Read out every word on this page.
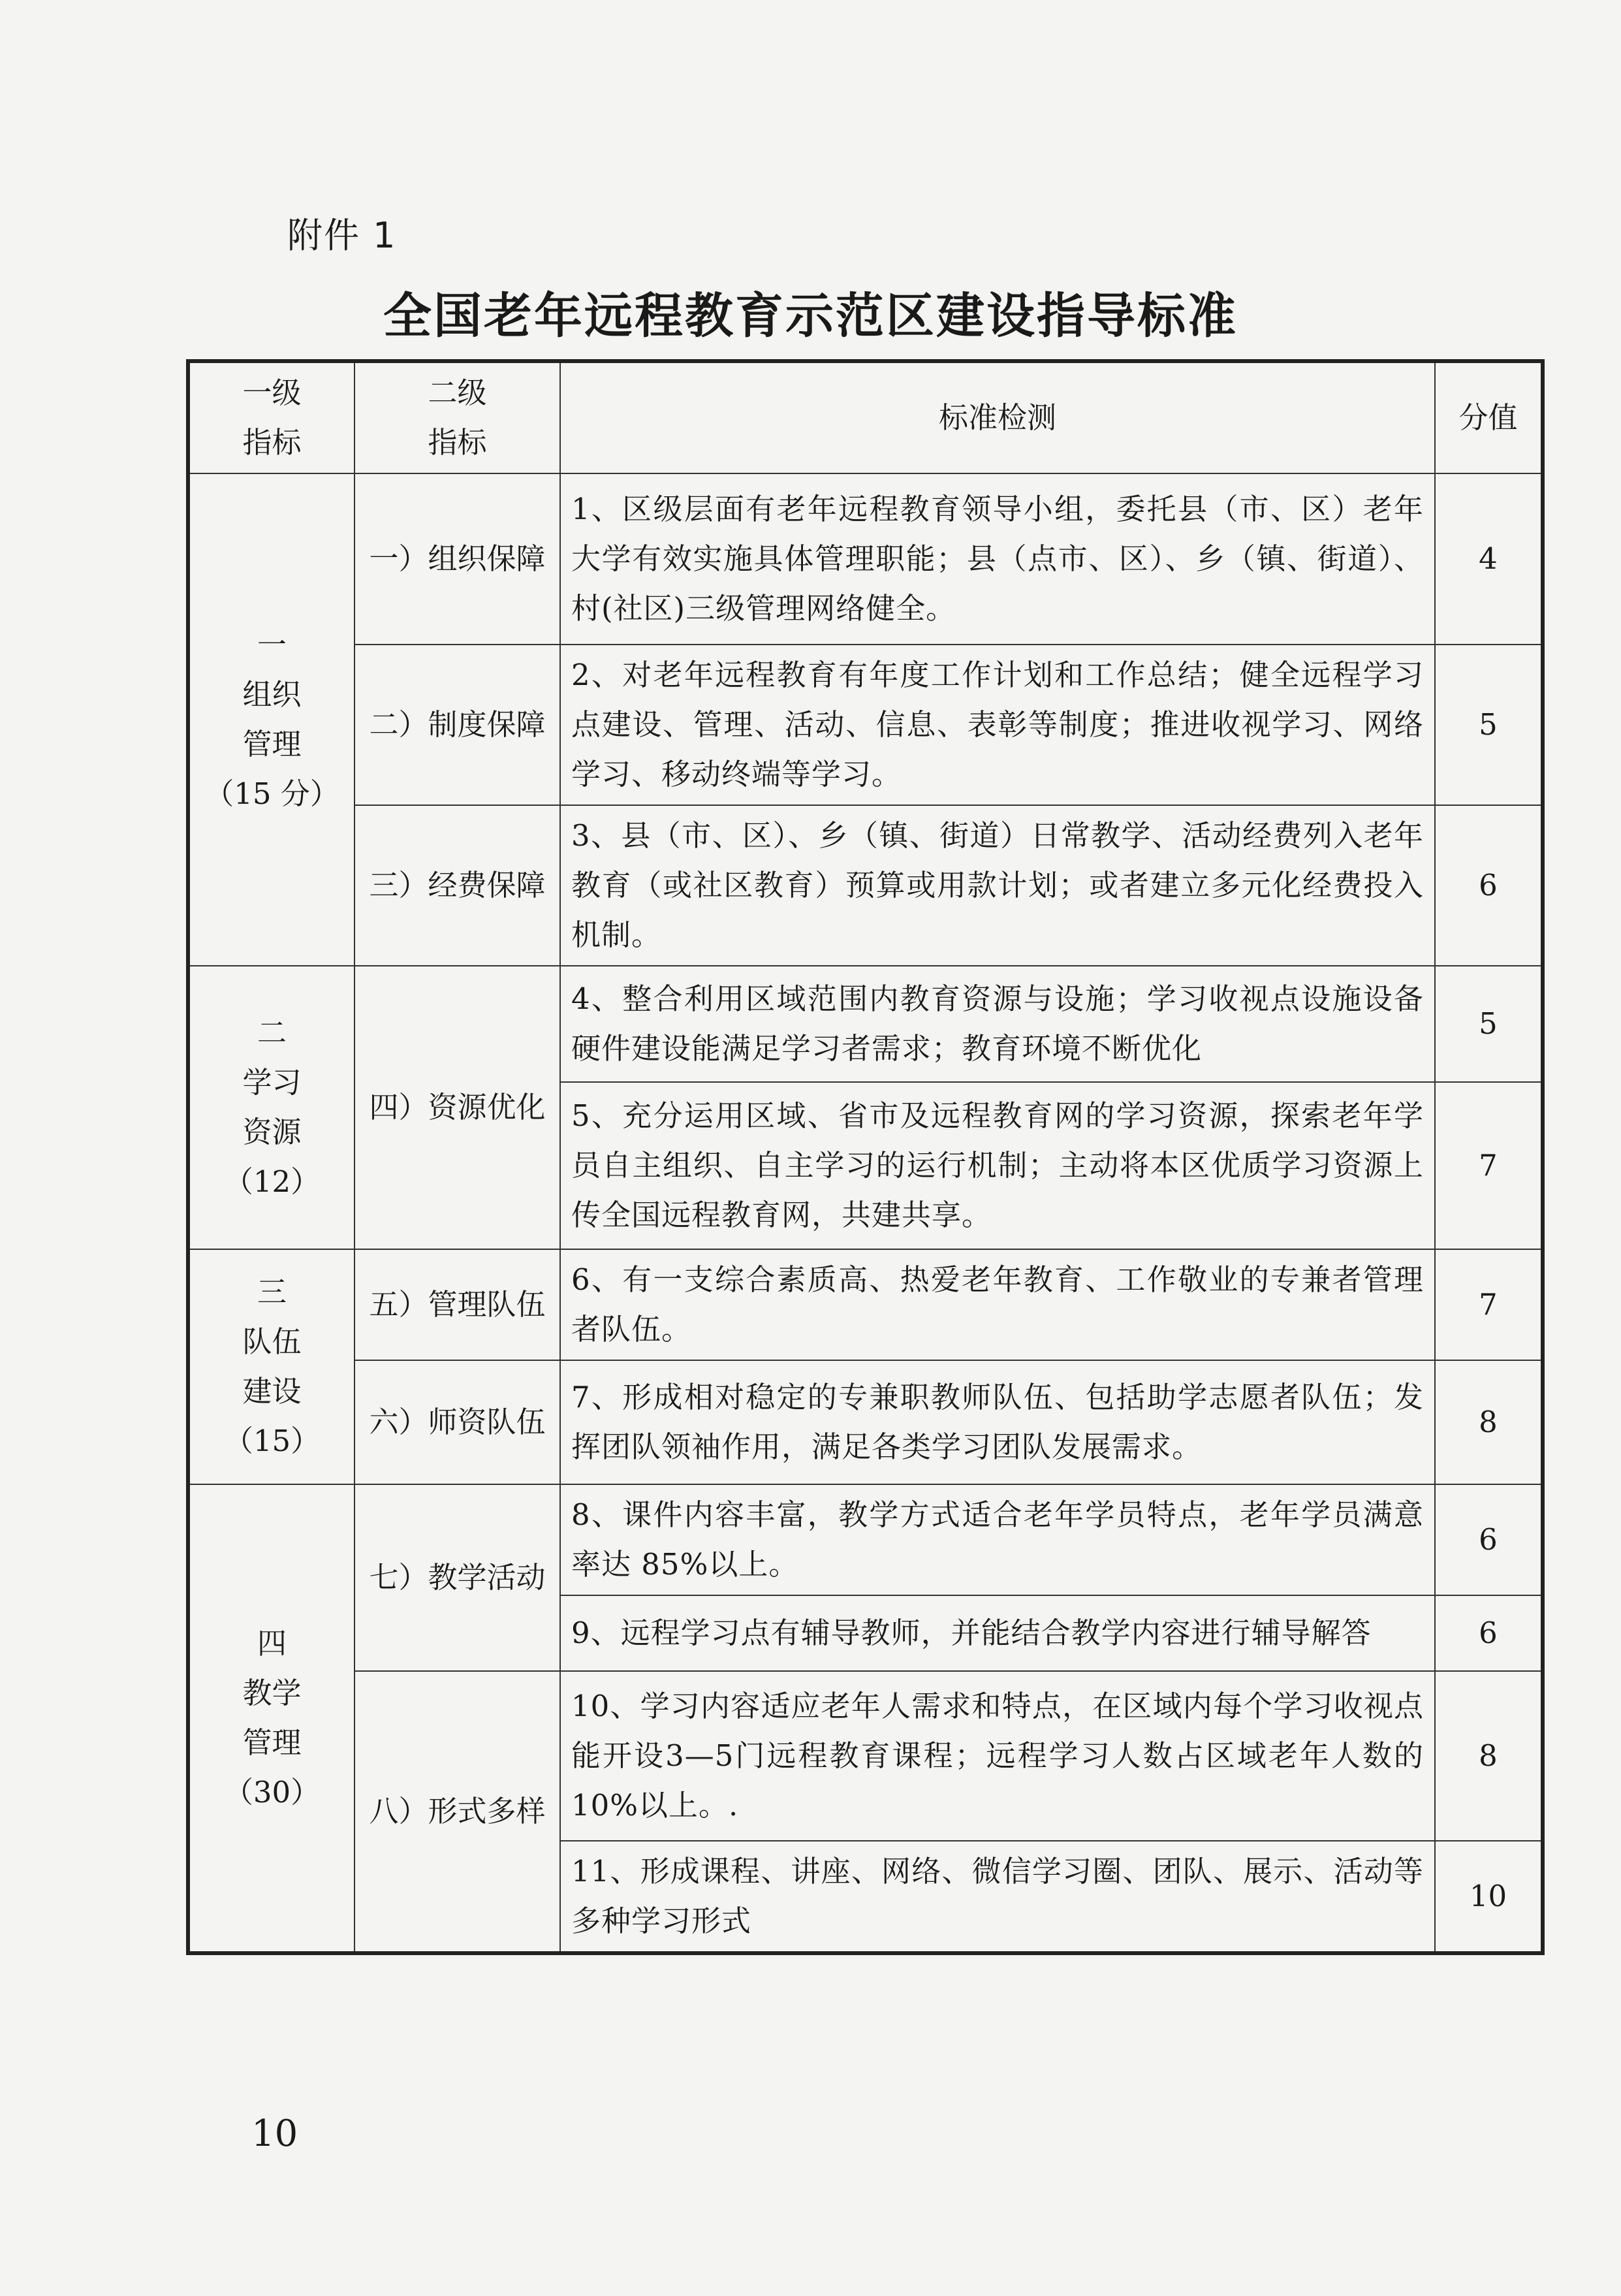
附件 1
全国老年远程教育示范区建设指导标准
一级
指标	二级
指标	标准检测	分值

一
组织
管理
（15 分）	一）组织保障	1、区级层面有老年远程教育领导小组，委托县（市、区）老年大学有效实施具体管理职能；县（点市、区）、乡（镇、街道）、村(社区)三级管理网络健全。	4
	二）制度保障	2、对老年远程教育有年度工作计划和工作总结；健全远程学习点建设、管理、活动、信息、表彰等制度；推进收视学习、网络学习、移动终端等学习。	5
	三）经费保障	3、县（市、区）、乡（镇、街道）日常教学、活动经费列入老年教育（或社区教育）预算或用款计划；或者建立多元化经费投入机制。	6

二
学习
资源
（12）	四）资源优化	4、整合利用区域范围内教育资源与设施；学习收视点设施设备硬件建设能满足学习者需求；教育环境不断优化	5
		5、充分运用区域、省市及远程教育网的学习资源，探索老年学员自主组织、自主学习的运行机制；主动将本区优质学习资源上传全国远程教育网，共建共享。	7

三
队伍
建设
（15）	五）管理队伍	6、有一支综合素质高、热爱老年教育、工作敬业的专兼者管理者队伍。	7
	六）师资队伍	7、形成相对稳定的专兼职教师队伍、包括助学志愿者队伍；发挥团队领袖作用，满足各类学习团队发展需求。	8

四
教学
管理
（30）	七）教学活动	8、课件内容丰富，教学方式适合老年学员特点，老年学员满意率达 85%以上。	6
		9、远程学习点有辅导教师，并能结合教学内容进行辅导解答	6
	八）形式多样	10、学习内容适应老年人需求和特点，在区域内每个学习收视点能开设3—5门远程教育课程；远程学习人数占区域老年人数的10%以上。.	8
		11、形成课程、讲座、网络、微信学习圈、团队、展示、活动等多种学习形式	10
10
